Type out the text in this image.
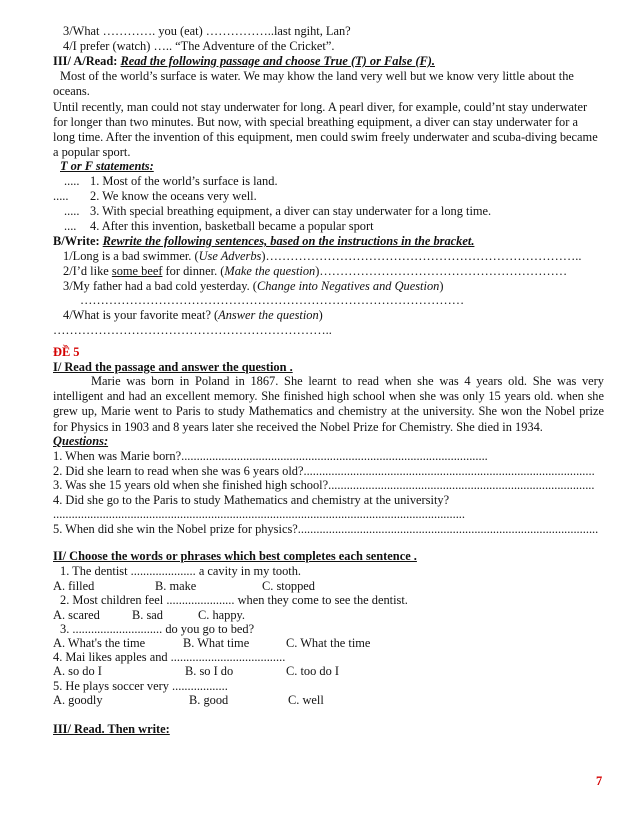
3/What …………. you (eat) ……………..last ngiht, Lan?
4/I prefer (watch) ….. “The Adventure of the Cricket”.
III/ A/Read: Read the following passage and choose True (T) or False (F).
Most of the world’s surface is water. We may khow the land very well but we know very little about the
oceans.
Until recently, man could not stay underwater for long. A pearl diver, for example, could’nt stay underwater
for longer than two minutes. But now, with special breathing equipment, a diver can stay underwater for a
long time. After the invention of this equipment, men could swim freely underwater and scuba-diving became
a popular sport.
T or F statements:
..... 1. Most of the world’s surface is land.
..... 2. We know the oceans very well.
..... 3. With special breathing equipment, a diver can stay underwater for a long time.
.... 4. After this invention, basketball became a popular sport
B/Write: Rewrite the following sentences, based on the instructions in the bracket.
1/Long is a bad swimmer. (Use Adverbs)…………………………………………………………………..
2/I’d like some beef for dinner. (Make the question)……………………………………………………
3/My father had a bad cold yesterday. (Change into Negatives and Question)
…………………………………………………………………………………
4/What is your favorite meat? (Answer the question)
…………………………………………………………..
ĐỀ 5
I/ Read the passage and answer the question .
Marie was born in Poland in 1867. She learnt to read when she was 4 years old. She was very intelligent and had an excellent memory. She finished high school when she was only 15 years old. when she grew up, Marie went to Paris to study Mathematics and chemistry at the university. She won the Nobel prize for Physics in 1903 and 8 years later she received the Nobel Prize for Chemistry. She died in 1934.
Questions:
1. When was Marie born?...................................................................................................
2. Did she learn to read when she was 6 years old?..............................................................................................
3. Was she 15 years old when she finished high school?......................................................................................
4. Did she go to the Paris to study Mathematics and chemistry at the university?
.....................................................................................................................................
5. When did she win the Nobel prize for physics?.................................................................................................
II/ Choose the words or phrases which best completes each sentence .
1. The dentist ..................... a cavity in my tooth.
A. filled	B. make	C. stopped
2. Most children feel ...................... when they come to see the dentist.
A. scared	B. sad	C. happy.
3. ............................. do you go to bed?
A. What's the time	B. What time	C. What the time
4. Mai likes apples and .....................................
A. so do I	B. so I do	C. too do I
5. He plays soccer very ..................
A. goodly	B. good	C. well
III/ Read. Then write:
7
